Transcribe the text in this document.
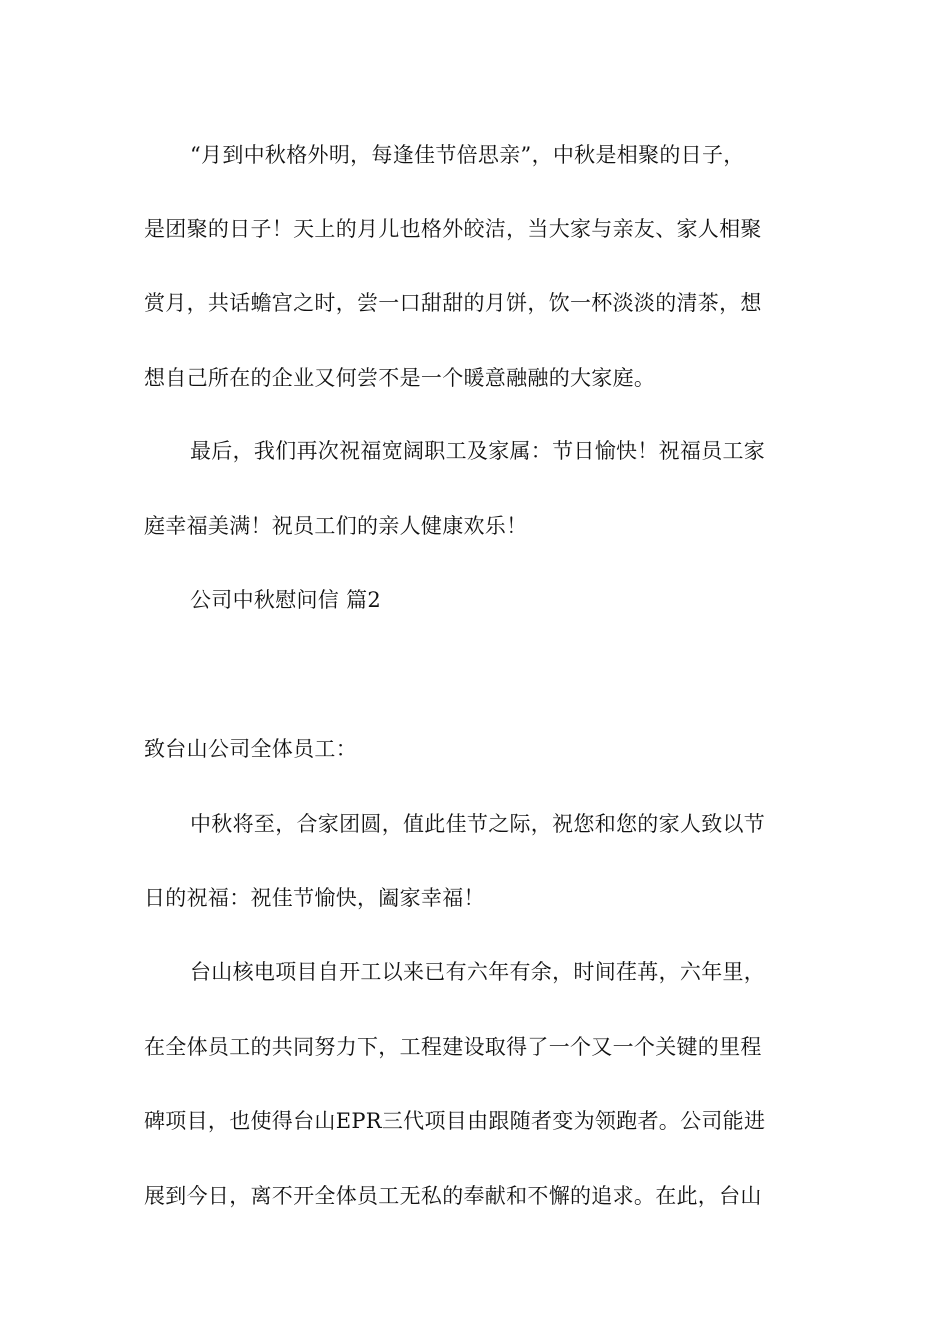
“月到中秋格外明，每逢佳节倍思亲”，中秋是相聚的日子，
是团聚的日子！天上的月儿也格外皎洁，当大家与亲友、家人相聚
赏月，共话蟾宫之时，尝一口甜甜的月饼，饮一杯淡淡的清茶，想
想自己所在的企业又何尝不是一个暖意融融的大家庭。
最后，我们再次祝福宽阔职工及家属：节日愉快！祝福员工家
庭幸福美满！祝员工们的亲人健康欢乐！
公司中秋慰问信 篇2
致台山公司全体员工：
中秋将至，合家团圆，值此佳节之际，祝您和您的家人致以节
日的祝福：祝佳节愉快，阖家幸福！
台山核电项目自开工以来已有六年有余，时间荏苒，六年里，
在全体员工的共同努力下，工程建设取得了一个又一个关键的里程
碑项目，也使得台山EPR三代项目由跟随者变为领跑者。公司能进
展到今日，离不开全体员工无私的奉献和不懈的追求。在此，台山
